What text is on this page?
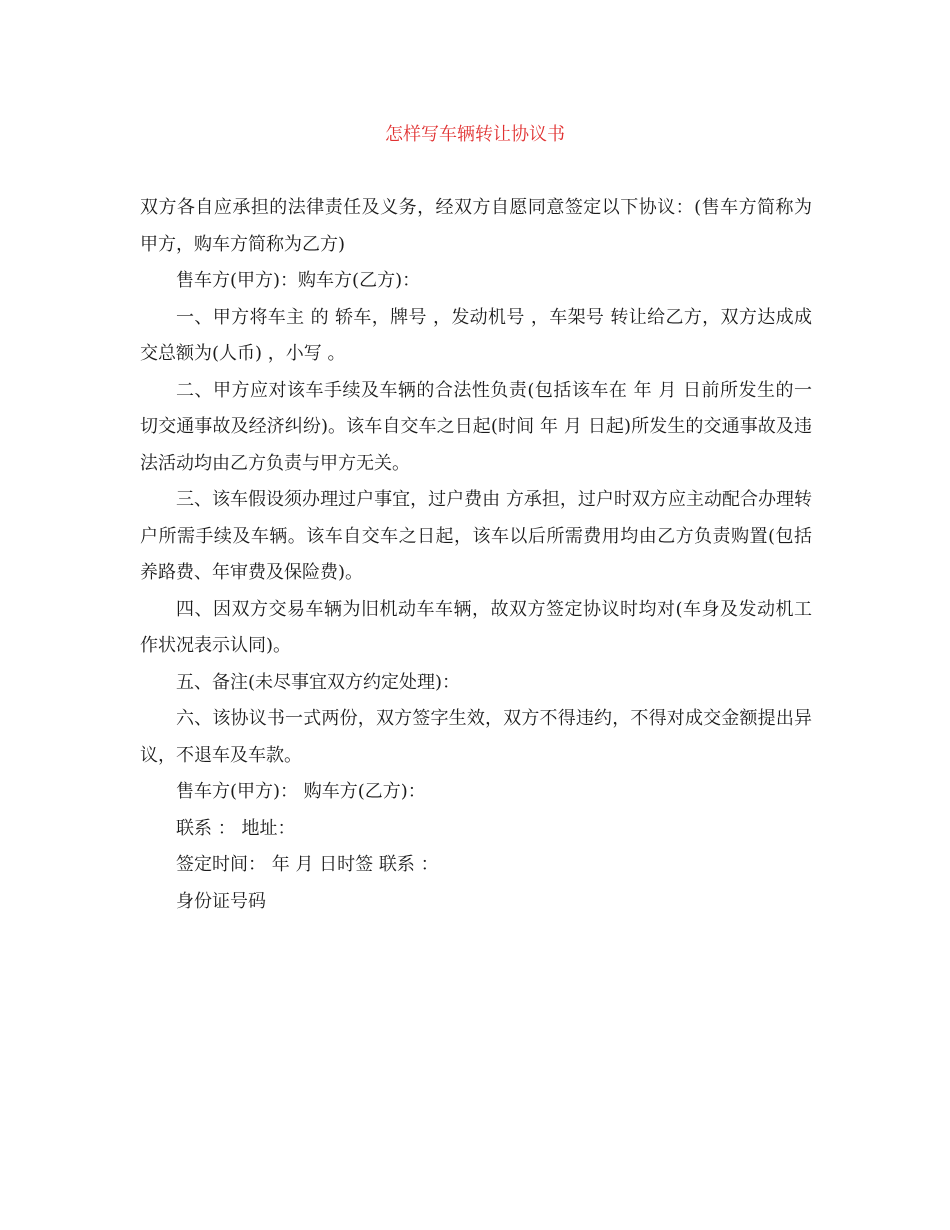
怎样写车辆转让协议书

双方各自应承担的法律责任及义务，经双方自愿同意签定以下协议：(售车方简称为甲方，购车方简称为乙方)

售车方(甲方)：购车方(乙方)：

一、甲方将车主 的 轿车，牌号 ，发动机号 ，车架号 转让给乙方，双方达成成交总额为(人币) ，小写 。

二、甲方应对该车手续及车辆的合法性负责(包括该车在 年 月 日前所发生的一切交通事故及经济纠纷)。该车自交车之日起(时间 年 月 日起)所发生的交通事故及违法活动均由乙方负责与甲方无关。

三、该车假设须办理过户事宜，过户费由 方承担，过户时双方应主动配合办理转户所需手续及车辆。该车自交车之日起，该车以后所需费用均由乙方负责购置(包括养路费、年审费及保险费)。

四、因双方交易车辆为旧机动车车辆，故双方签定协议时均对(车身及发动机工作状况表示认同)。

五、备注(未尽事宜双方约定处理)：

六、该协议书一式两份，双方签字生效，双方不得违约，不得对成交金额提出异议，不退车及车款。

售车方(甲方)： 购车方(乙方)：

联系 ： 地址：

签定时间： 年 月 日时签 联系 ：

身份证号码
